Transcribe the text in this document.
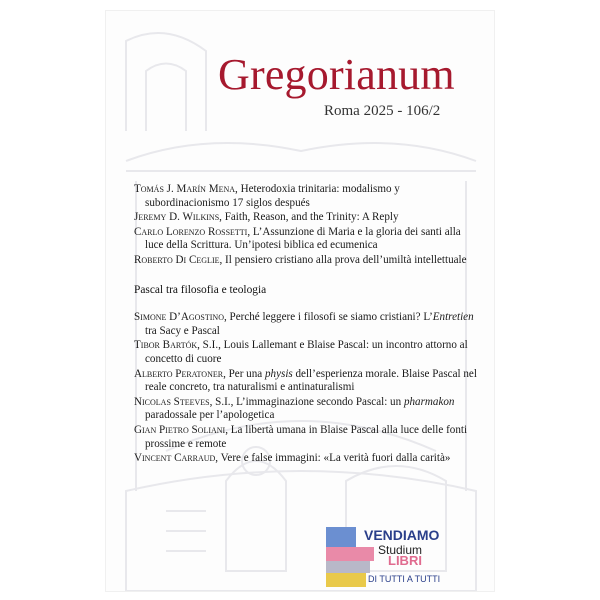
Gregorianum
Roma 2025 - 106/2
Tomás J. Marín Mena, Heterodoxia trinitaria: modalismo y subordinacionismo 17 siglos después
Jeremy D. Wilkins, Faith, Reason, and the Trinity: A Reply
Carlo Lorenzo Rossetti, L’Assunzione di Maria e la gloria dei santi alla luce della Scrittura. Un’ipotesi biblica ed ecumenica
Roberto Di Ceglie, Il pensiero cristiano alla prova dell’umiltà intellettuale
Pascal tra filosofia e teologia
Simone D’Agostino, Perché leggere i filosofi se siamo cristiani? L’Entretien tra Sacy e Pascal
Tibor Bartók, S.I., Louis Lallemant e Blaise Pascal: un incontro attorno al concetto di cuore
Alberto Peratoner, Per una physis dell’esperienza morale. Blaise Pascal nel reale concreto, tra naturalismi e antinaturalismi
Nicolas Steeves, S.I., L’immaginazione secondo Pascal: un pharmakon paradossale per l’apologetica
Gian Pietro Soliani, La libertà umana in Blaise Pascal alla luce delle fonti prossime e remote
Vincent Carraud, Vere e false immagini: «La verità fuori dalla carità»
VENDIAMO
Studium
LIBRI
DI TUTTI A TUTTI
